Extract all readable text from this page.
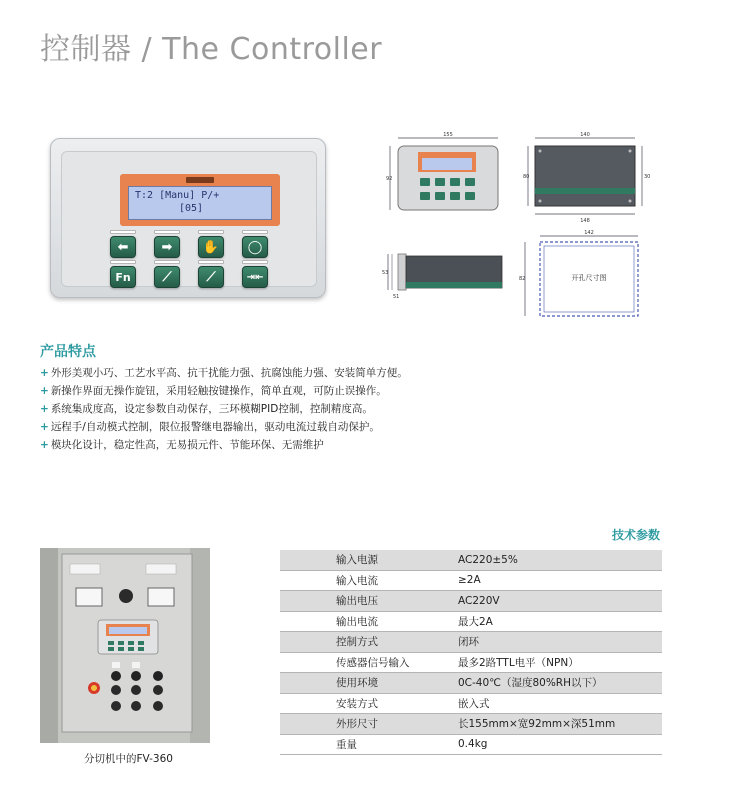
控制器 / The Controller
T:2 [Manu] P/+
[05]
⬅	➡	✋	◯
Fn	⟋	⟋	⇥⇤
155
92
140
80	30
148
53
51
142
82	开孔尺寸图
产品特点
+ 外形美观小巧、工艺水平高、抗干扰能力强、抗腐蚀能力强、安装简单方便。
+ 新操作界面无操作旋钮，采用轻触按键操作，简单直观，可防止误操作。
+ 系统集成度高，设定参数自动保存，三环模糊PID控制，控制精度高。
+ 远程手/自动模式控制，限位报警继电器输出，驱动电流过载自动保护。
+ 模块化设计，稳定性高，无易损元件、节能环保、无需维护
分切机中的FV-360
技术参数
输入电源	AC220±5%
输入电流	≥2A
输出电压	AC220V
输出电流	最大2A
控制方式	闭环
传感器信号输入	最多2路TTL电平（NPN）
使用环境	0C-40℃（湿度80%RH以下）
安装方式	嵌入式
外形尺寸	长155mm×宽92mm×深51mm
重量	0.4kg
